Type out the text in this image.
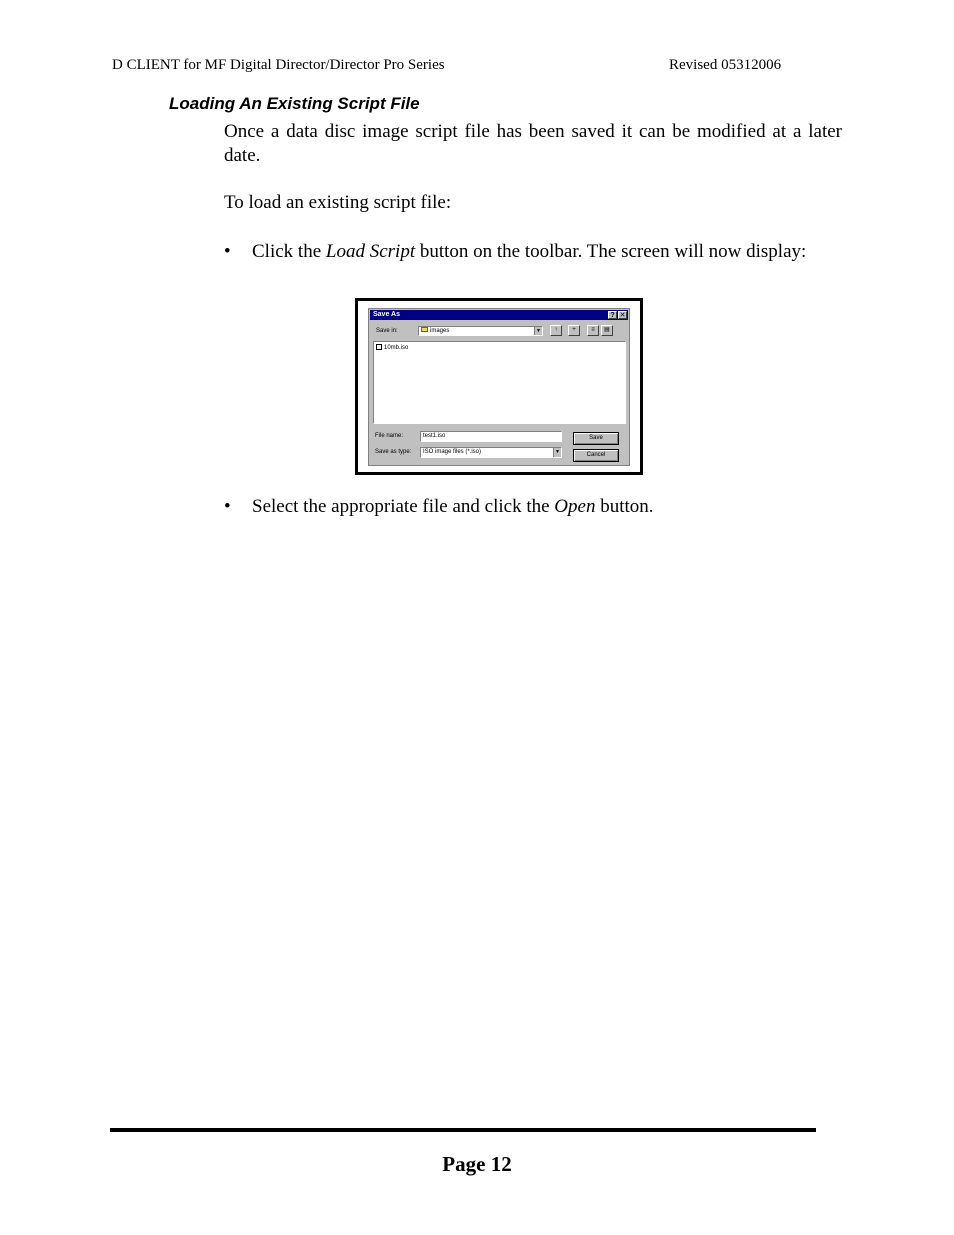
D CLIENT for MF Digital Director/Director Pro Series	Revised 05312006
Loading An Existing Script File
Once a data disc image script file has been saved it can be modified at a later date.
To load an existing script file:
• Click the Load Script button on the toolbar. The screen will now display:
Save As	? ✕
Save in:	images	▼	↑	+	≡	▤
10mb.iso
File name:	test1.iso
Save as type:	ISO image files (*.iso)	▼
Save
Cancel
• Select the appropriate file and click the Open button.
Page 12
